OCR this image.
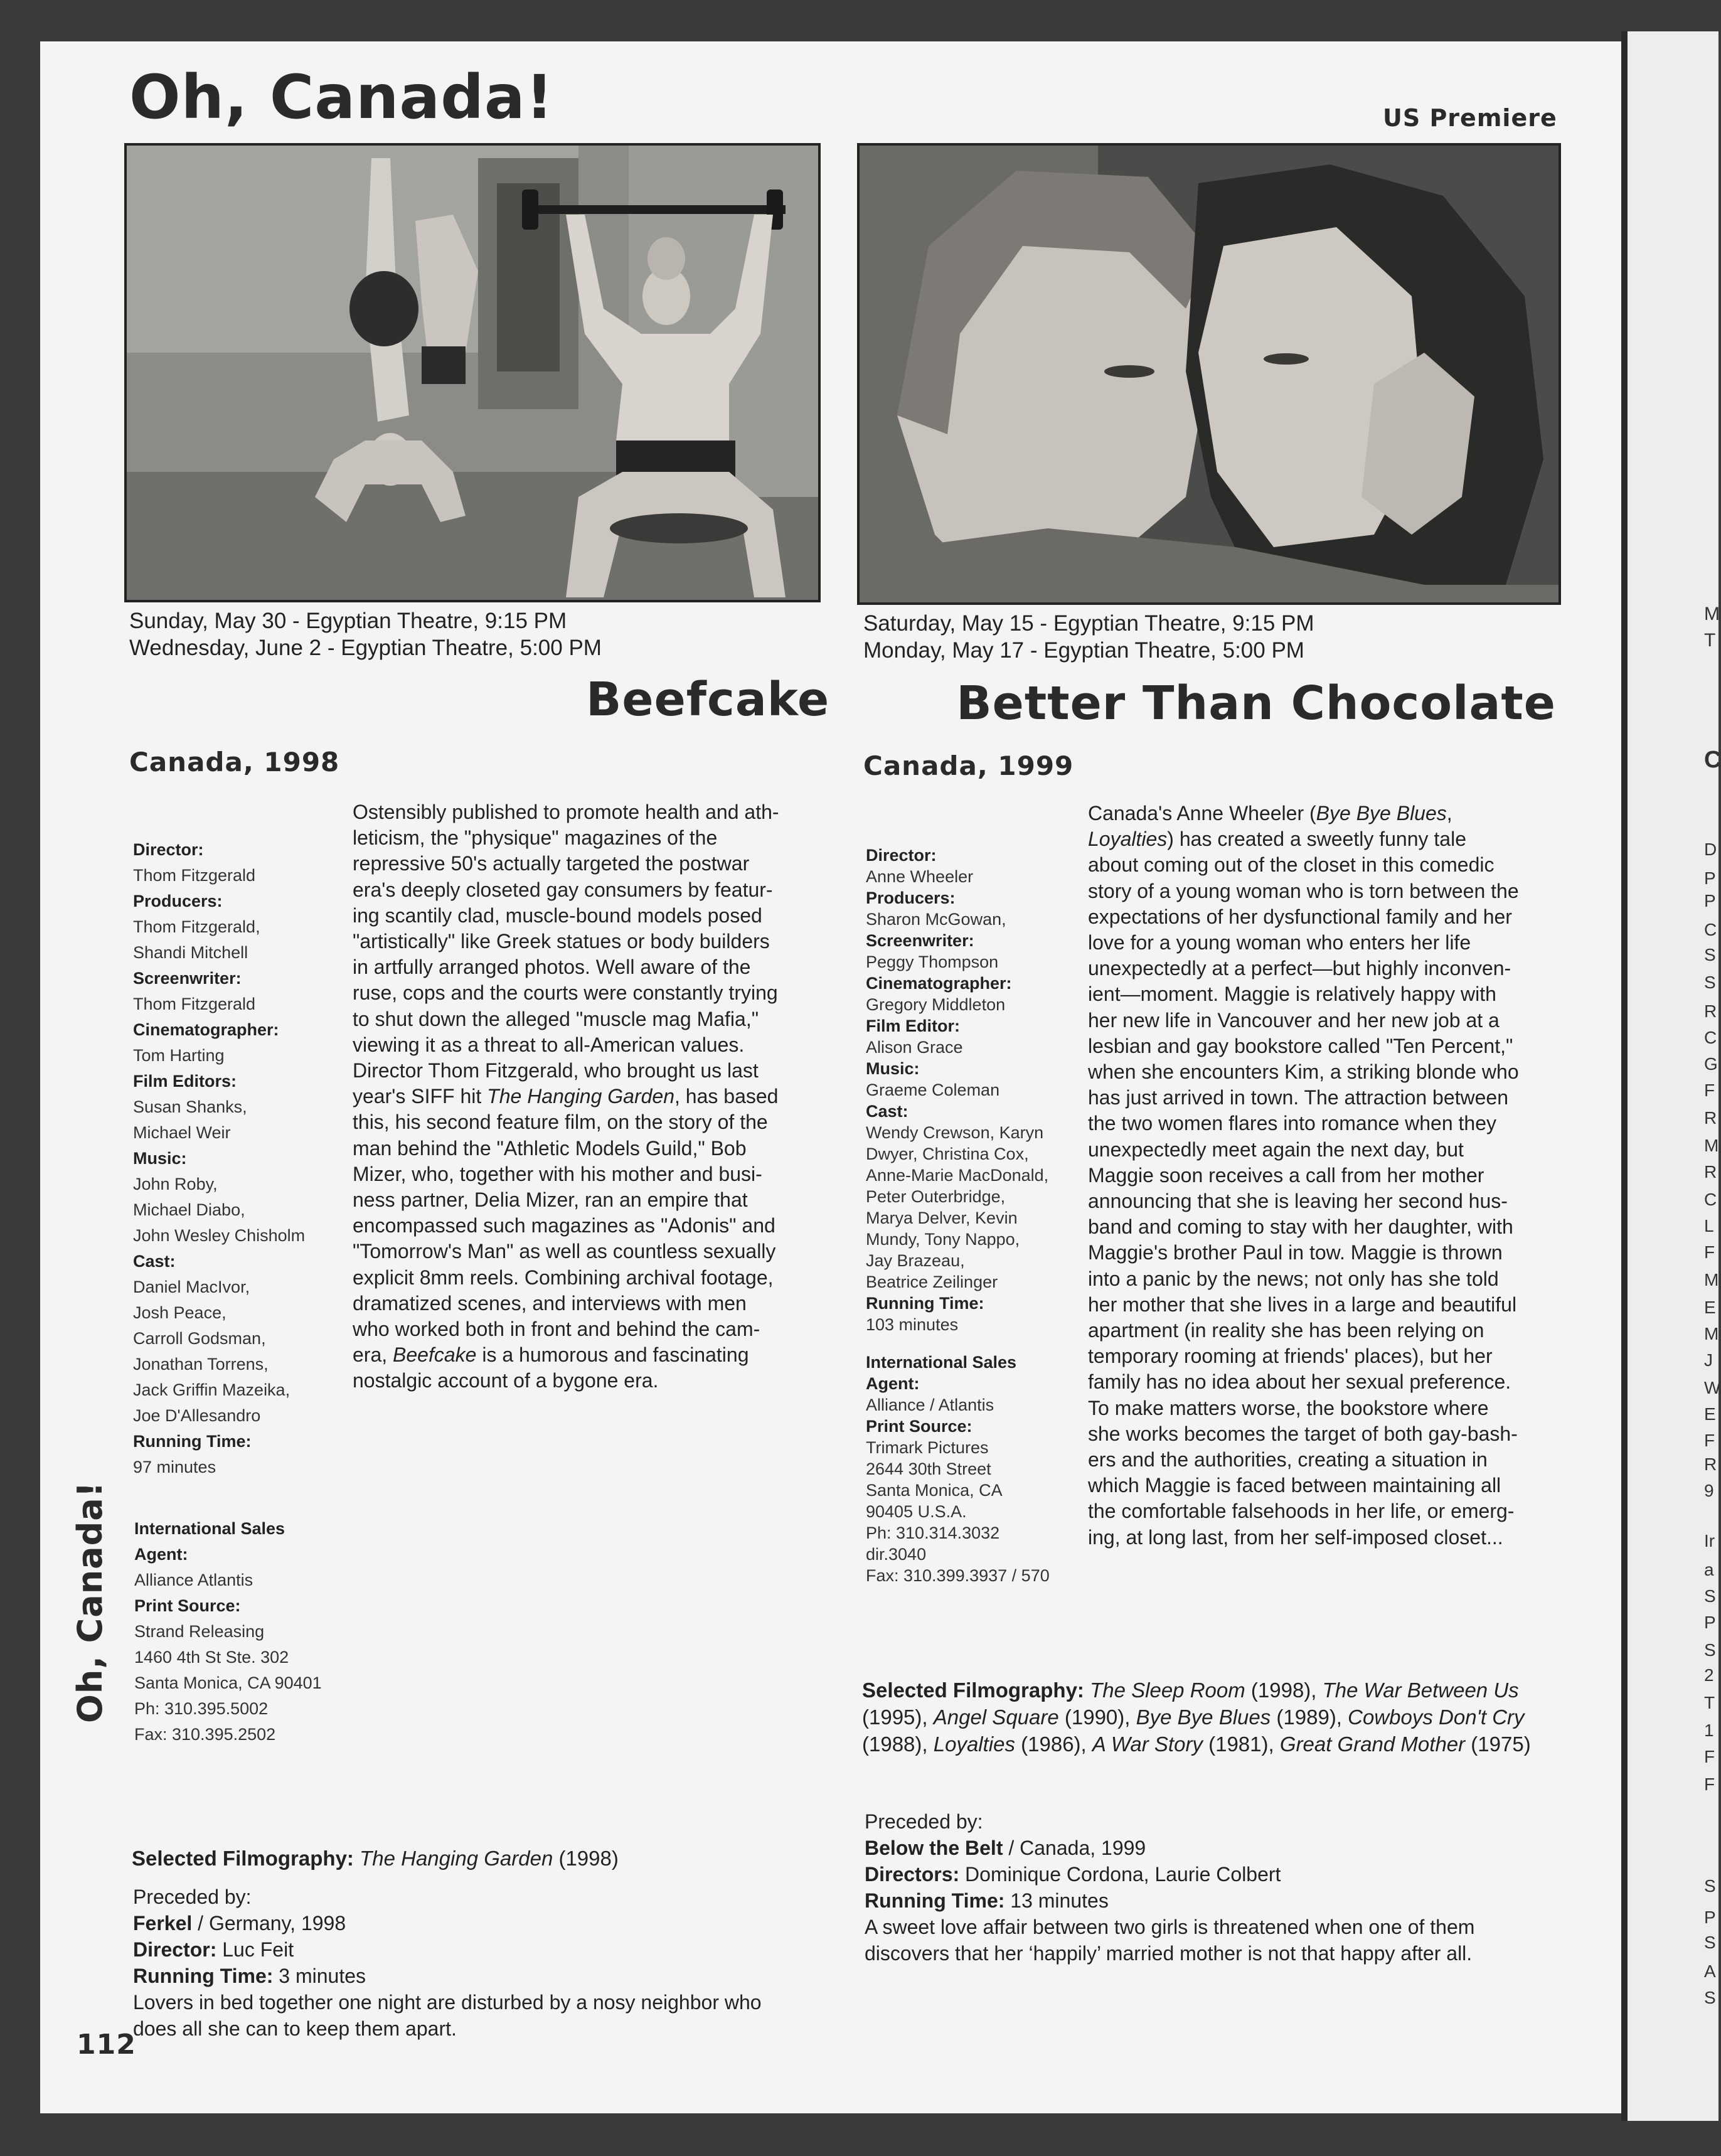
Oh, Canada!	US Premiere
Sunday, May 30 - Egyptian Theatre, 9:15 PM
Wednesday, June 2 - Egyptian Theatre, 5:00 PM
Saturday, May 15 - Egyptian Theatre, 9:15 PM
Monday, May 17 - Egyptian Theatre, 5:00 PM
Beefcake	Better Than Chocolate
Canada, 1998	Canada, 1999
Director:
Thom Fitzgerald
Producers:
Thom Fitzgerald,
Shandi Mitchell
Screenwriter:
Thom Fitzgerald
Cinematographer:
Tom Harting
Film Editors:
Susan Shanks,
Michael Weir
Music:
John Roby,
Michael Diabo,
John Wesley Chisholm
Cast:
Daniel MacIvor,
Josh Peace,
Carroll Godsman,
Jonathan Torrens,
Jack Griffin Mazeika,
Joe D'Allesandro
Running Time:
97 minutes
International Sales
Agent:
Alliance Atlantis
Print Source:
Strand Releasing
1460 4th St Ste. 302
Santa Monica, CA 90401
Ph: 310.395.5002
Fax: 310.395.2502
Ostensibly published to promote health and ath-
leticism, the "physique" magazines of the
repressive 50's actually targeted the postwar
era's deeply closeted gay consumers by featur-
ing scantily clad, muscle-bound models posed
"artistically" like Greek statues or body builders
in artfully arranged photos. Well aware of the
ruse, cops and the courts were constantly trying
to shut down the alleged "muscle mag Mafia,"
viewing it as a threat to all-American values.
Director Thom Fitzgerald, who brought us last
year's SIFF hit The Hanging Garden, has based
this, his second feature film, on the story of the
man behind the "Athletic Models Guild," Bob
Mizer, who, together with his mother and busi-
ness partner, Delia Mizer, ran an empire that
encompassed such magazines as "Adonis" and
"Tomorrow's Man" as well as countless sexually
explicit 8mm reels. Combining archival footage,
dramatized scenes, and interviews with men
who worked both in front and behind the cam-
era, Beefcake is a humorous and fascinating
nostalgic account of a bygone era.
Director:
Anne Wheeler
Producers:
Sharon McGowan,
Screenwriter:
Peggy Thompson
Cinematographer:
Gregory Middleton
Film Editor:
Alison Grace
Music:
Graeme Coleman
Cast:
Wendy Crewson, Karyn
Dwyer, Christina Cox,
Anne-Marie MacDonald,
Peter Outerbridge,
Marya Delver, Kevin
Mundy, Tony Nappo,
Jay Brazeau,
Beatrice Zeilinger
Running Time:
103 minutes
International Sales
Agent:
Alliance / Atlantis
Print Source:
Trimark Pictures
2644 30th Street
Santa Monica, CA
90405 U.S.A.
Ph: 310.314.3032
dir.3040
Fax: 310.399.3937 / 570
Canada's Anne Wheeler (Bye Bye Blues,
Loyalties) has created a sweetly funny tale
about coming out of the closet in this comedic
story of a young woman who is torn between the
expectations of her dysfunctional family and her
love for a young woman who enters her life
unexpectedly at a perfect—but highly inconven-
ient—moment. Maggie is relatively happy with
her new life in Vancouver and her new job at a
lesbian and gay bookstore called "Ten Percent,"
when she encounters Kim, a striking blonde who
has just arrived in town. The attraction between
the two women flares into romance when they
unexpectedly meet again the next day, but
Maggie soon receives a call from her mother
announcing that she is leaving her second hus-
band and coming to stay with her daughter, with
Maggie's brother Paul in tow. Maggie is thrown
into a panic by the news; not only has she told
her mother that she lives in a large and beautiful
apartment (in reality she has been relying on
temporary rooming at friends' places), but her
family has no idea about her sexual preference.
To make matters worse, the bookstore where
she works becomes the target of both gay-bash-
ers and the authorities, creating a situation in
which Maggie is faced between maintaining all
the comfortable falsehoods in her life, or emerg-
ing, at long last, from her self-imposed closet...
Selected Filmography: The Sleep Room (1998), The War Between Us (1995), Angel Square (1990), Bye Bye Blues (1989), Cowboys Don't Cry (1988), Loyalties (1986), A War Story (1981), Great Grand Mother (1975)
Selected Filmography: The Hanging Garden (1998)
Preceded by:
Ferkel / Germany, 1998
Director: Luc Feit
Running Time: 3 minutes
Lovers in bed together one night are disturbed by a nosy neighbor who
does all she can to keep them apart.
Preceded by:
Below the Belt / Canada, 1999
Directors: Dominique Cordona, Laurie Colbert
Running Time: 13 minutes
A sweet love affair between two girls is threatened when one of them
discovers that her ‘happily’ married mother is not that happy after all.
Oh, Canada!
112
M
T
C
D
P
P
C
S
S
R
C
G
F
R
M
R
C
L
F
M
E
M
J
W
E
F
R
9
Ir
a
S
P
S
2
T
1
F
F
S
P
S
A
S
